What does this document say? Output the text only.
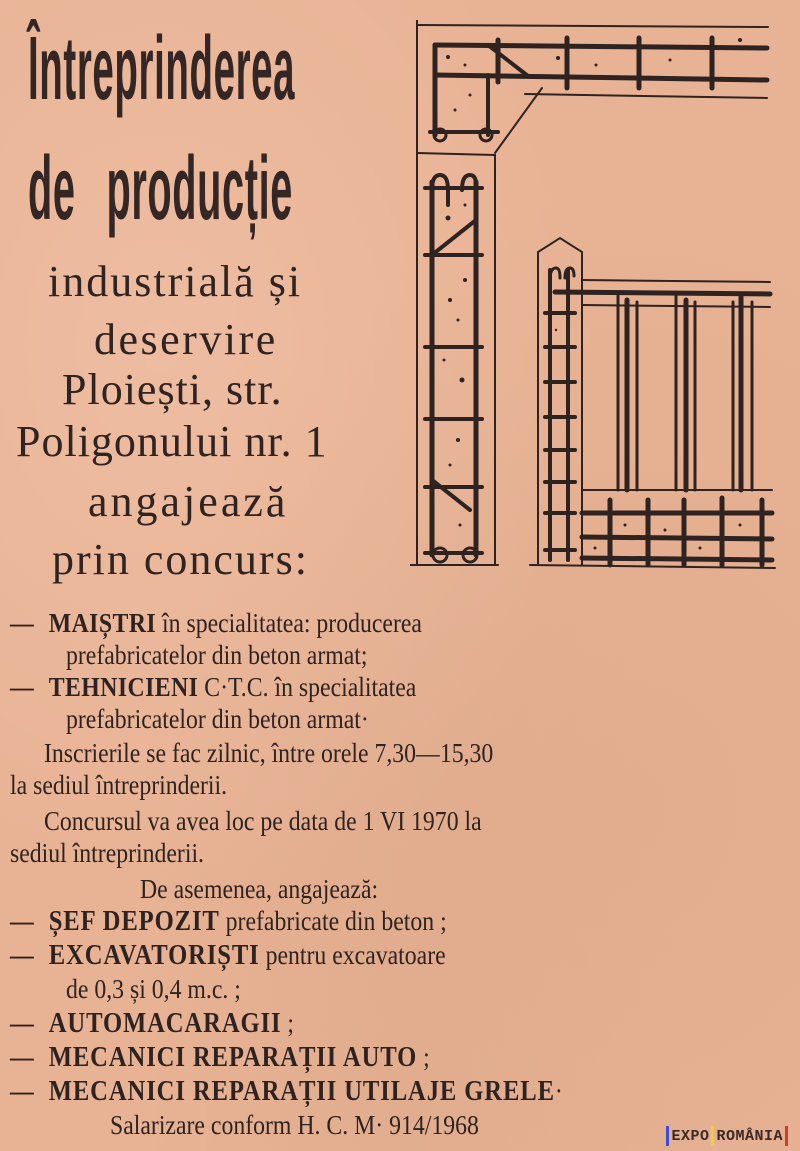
Întreprinderea
de producție
industrială și
deservire
Ploiești, str.
Poligonului nr. 1
angajează
prin concurs:
— MAIȘTRI în specialitatea: producerea
prefabricatelor din beton armat;
— TEHNICIENI C·T.C. în specialitatea
prefabricatelor din beton armat·
Inscrierile se fac zilnic, între orele 7,30—15,30
la sediul întreprinderii.
Concursul va avea loc pe data de 1 VI 1970 la
sediul întreprinderii.
De asemenea, angajează:
— ȘEF DEPOZIT prefabricate din beton ;
— EXCAVATORIȘTI pentru excavatoare
de 0,3 și 0,4 m.c. ;
— AUTOMACARAGII ;
— MECANICI REPARAȚII AUTO ;
— MECANICI REPARAȚII UTILAJE GRELE·
Salarizare conform H. C. M· 914/1968	EXPO ROMÂNIA
